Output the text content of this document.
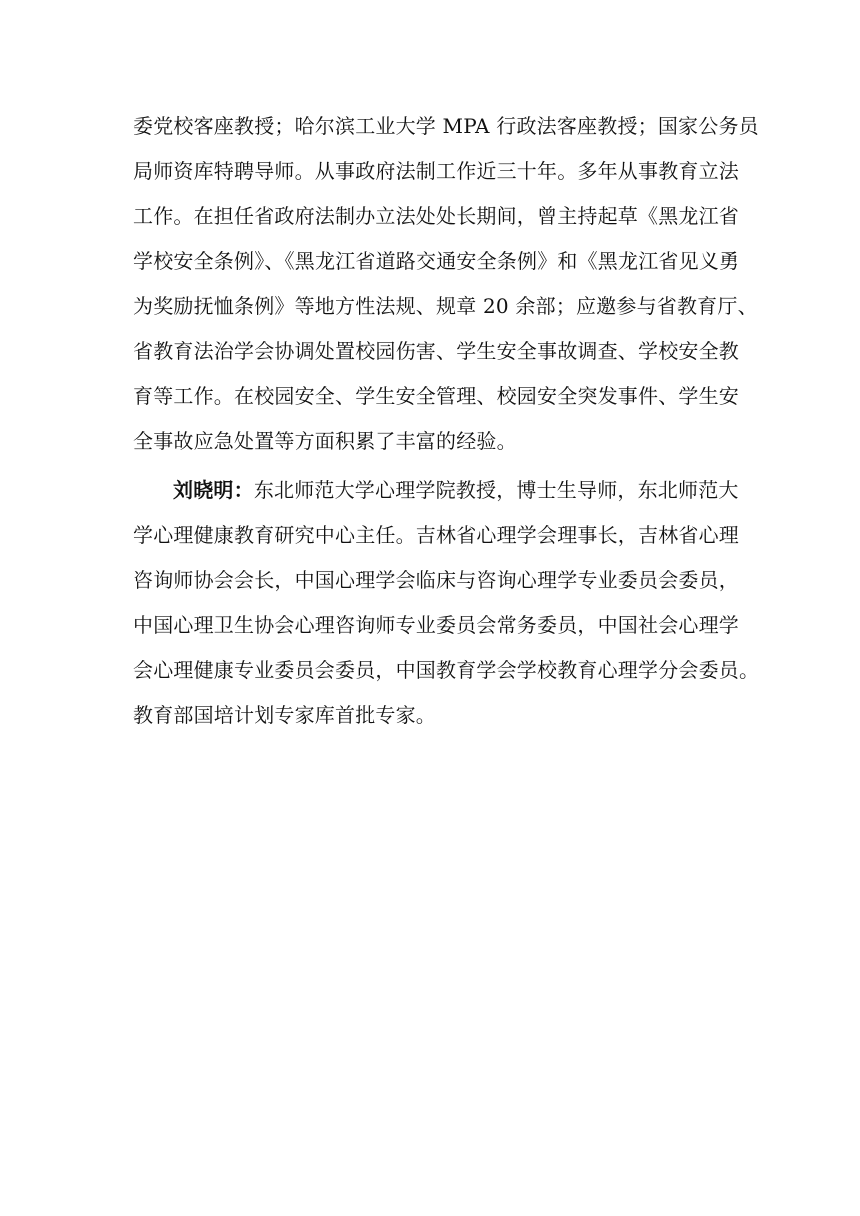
委党校客座教授；哈尔滨工业大学 MPA 行政法客座教授；国家公务员
局师资库特聘导师。从事政府法制工作近三十年。多年从事教育立法
工作。在担任省政府法制办立法处处长期间，曾主持起草《黑龙江省
学校安全条例》、《黑龙江省道路交通安全条例》和《黑龙江省见义勇
为奖励抚恤条例》等地方性法规、规章 20 余部；应邀参与省教育厅、
省教育法治学会协调处置校园伤害、学生安全事故调查、学校安全教
育等工作。在校园安全、学生安全管理、校园安全突发事件、学生安
全事故应急处置等方面积累了丰富的经验。
刘晓明：东北师范大学心理学院教授，博士生导师，东北师范大
学心理健康教育研究中心主任。吉林省心理学会理事长，吉林省心理
咨询师协会会长，中国心理学会临床与咨询心理学专业委员会委员，
中国心理卫生协会心理咨询师专业委员会常务委员，中国社会心理学
会心理健康专业委员会委员，中国教育学会学校教育心理学分会委员。
教育部国培计划专家库首批专家。
